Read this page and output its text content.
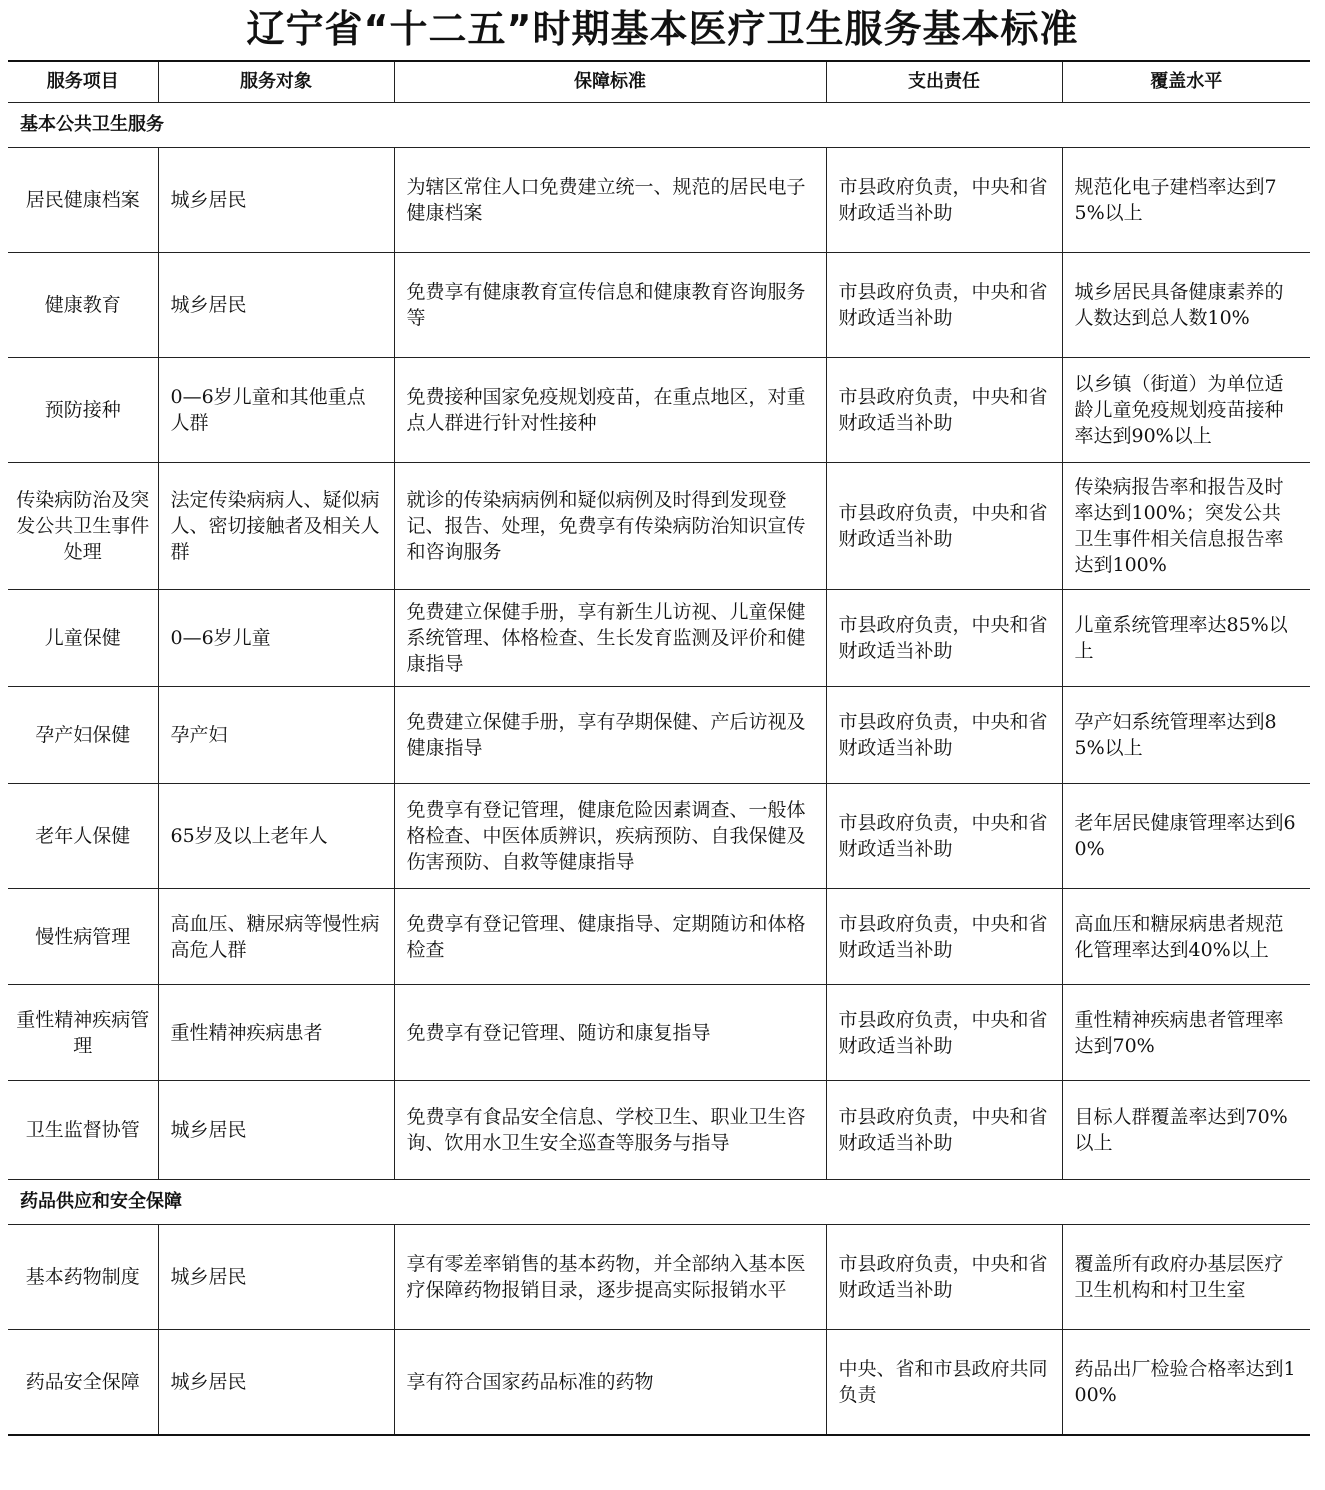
辽宁省“十二五”时期基本医疗卫生服务基本标准
服务项目	服务对象	保障标准	支出责任	覆盖水平
基本公共卫生服务				
居民健康档案	城乡居民	为辖区常住人口免费建立统一、规范的居民电子健康档案	市县政府负责，中央和省财政适当补助	规范化电子建档率达到75%以上
健康教育	城乡居民	免费享有健康教育宣传信息和健康教育咨询服务等	市县政府负责，中央和省财政适当补助	城乡居民具备健康素养的人数达到总人数10%
预防接种	0—6岁儿童和其他重点人群	免费接种国家免疫规划疫苗，在重点地区，对重点人群进行针对性接种	市县政府负责，中央和省财政适当补助	以乡镇（街道）为单位适龄儿童免疫规划疫苗接种率达到90%以上
传染病防治及突发公共卫生事件处理	法定传染病病人、疑似病人、密切接触者及相关人群	就诊的传染病病例和疑似病例及时得到发现登记、报告、处理，免费享有传染病防治知识宣传和咨询服务	市县政府负责，中央和省财政适当补助	传染病报告率和报告及时率达到100%；突发公共卫生事件相关信息报告率达到100%
儿童保健	0—6岁儿童	免费建立保健手册，享有新生儿访视、儿童保健系统管理、体格检查、生长发育监测及评价和健康指导	市县政府负责，中央和省财政适当补助	儿童系统管理率达85%以上
孕产妇保健	孕产妇	免费建立保健手册，享有孕期保健、产后访视及健康指导	市县政府负责，中央和省财政适当补助	孕产妇系统管理率达到85%以上
老年人保健	65岁及以上老年人	免费享有登记管理，健康危险因素调查、一般体格检查、中医体质辨识，疾病预防、自我保健及伤害预防、自救等健康指导	市县政府负责，中央和省财政适当补助	老年居民健康管理率达到60%
慢性病管理	高血压、糖尿病等慢性病高危人群	免费享有登记管理、健康指导、定期随访和体格检查	市县政府负责，中央和省财政适当补助	高血压和糖尿病患者规范化管理率达到40%以上
重性精神疾病管理	重性精神疾病患者	免费享有登记管理、随访和康复指导	市县政府负责，中央和省财政适当补助	重性精神疾病患者管理率达到70%
卫生监督协管	城乡居民	免费享有食品安全信息、学校卫生、职业卫生咨询、饮用水卫生安全巡查等服务与指导	市县政府负责，中央和省财政适当补助	目标人群覆盖率达到70%以上
药品供应和安全保障				
基本药物制度	城乡居民	享有零差率销售的基本药物，并全部纳入基本医疗保障药物报销目录，逐步提高实际报销水平	市县政府负责，中央和省财政适当补助	覆盖所有政府办基层医疗卫生机构和村卫生室
药品安全保障	城乡居民	享有符合国家药品标准的药物	中央、省和市县政府共同负责	药品出厂检验合格率达到100%
